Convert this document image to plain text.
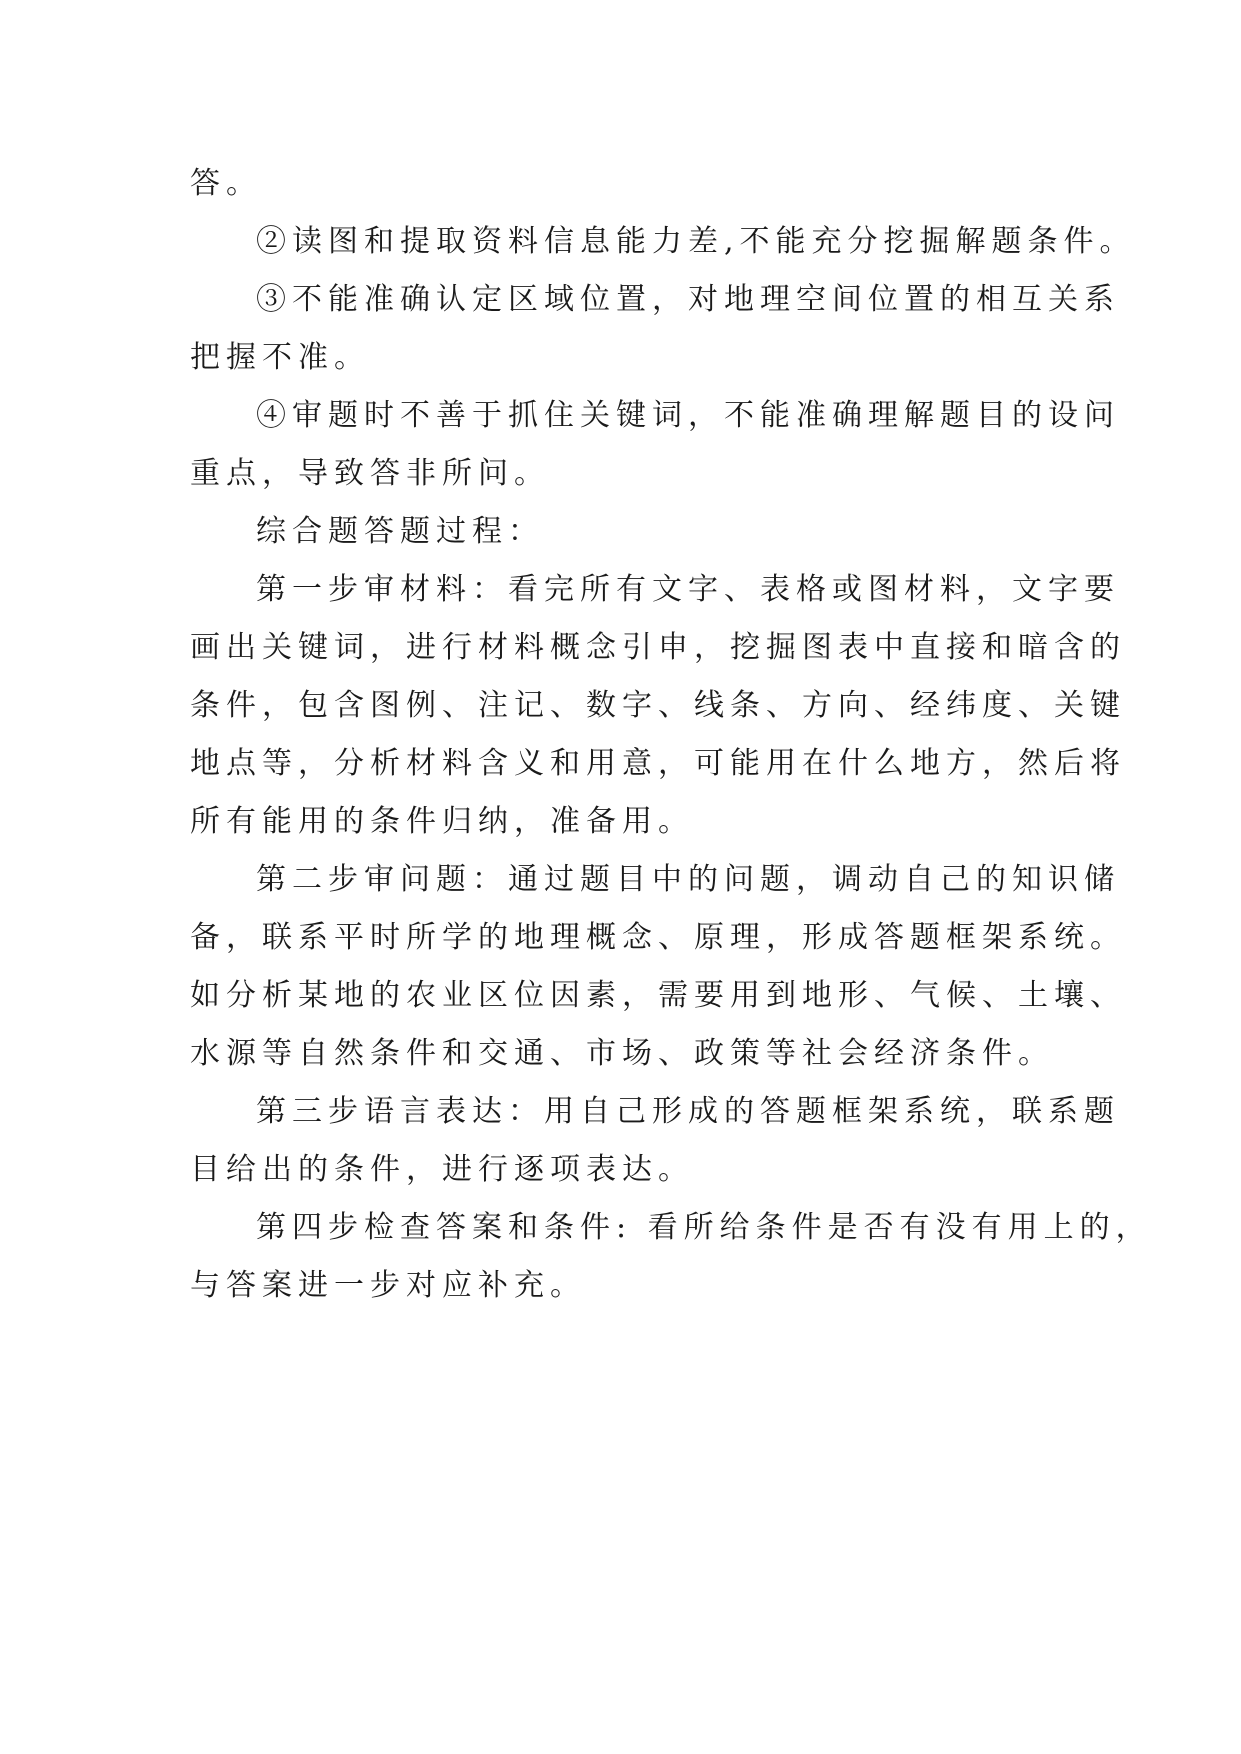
答。

②读图和提取资料信息能力差,不能充分挖掘解题条件。

③不能准确认定区域位置，对地理空间位置的相互关系

把握不准。

④审题时不善于抓住关键词，不能准确理解题目的设问

重点，导致答非所问。

综合题答题过程：

第一步审材料：看完所有文字、表格或图材料，文字要

画出关键词，进行材料概念引申，挖掘图表中直接和暗含的

条件，包含图例、注记、数字、线条、方向、经纬度、关键

地点等，分析材料含义和用意，可能用在什么地方，然后将

所有能用的条件归纳，准备用。

第二步审问题：通过题目中的问题，调动自己的知识储

备，联系平时所学的地理概念、原理，形成答题框架系统。

如分析某地的农业区位因素，需要用到地形、气候、土壤、

水源等自然条件和交通、市场、政策等社会经济条件。

第三步语言表达：用自己形成的答题框架系统，联系题

目给出的条件，进行逐项表达。

第四步检查答案和条件: 看所给条件是否有没有用上的，

与答案进一步对应补充。
